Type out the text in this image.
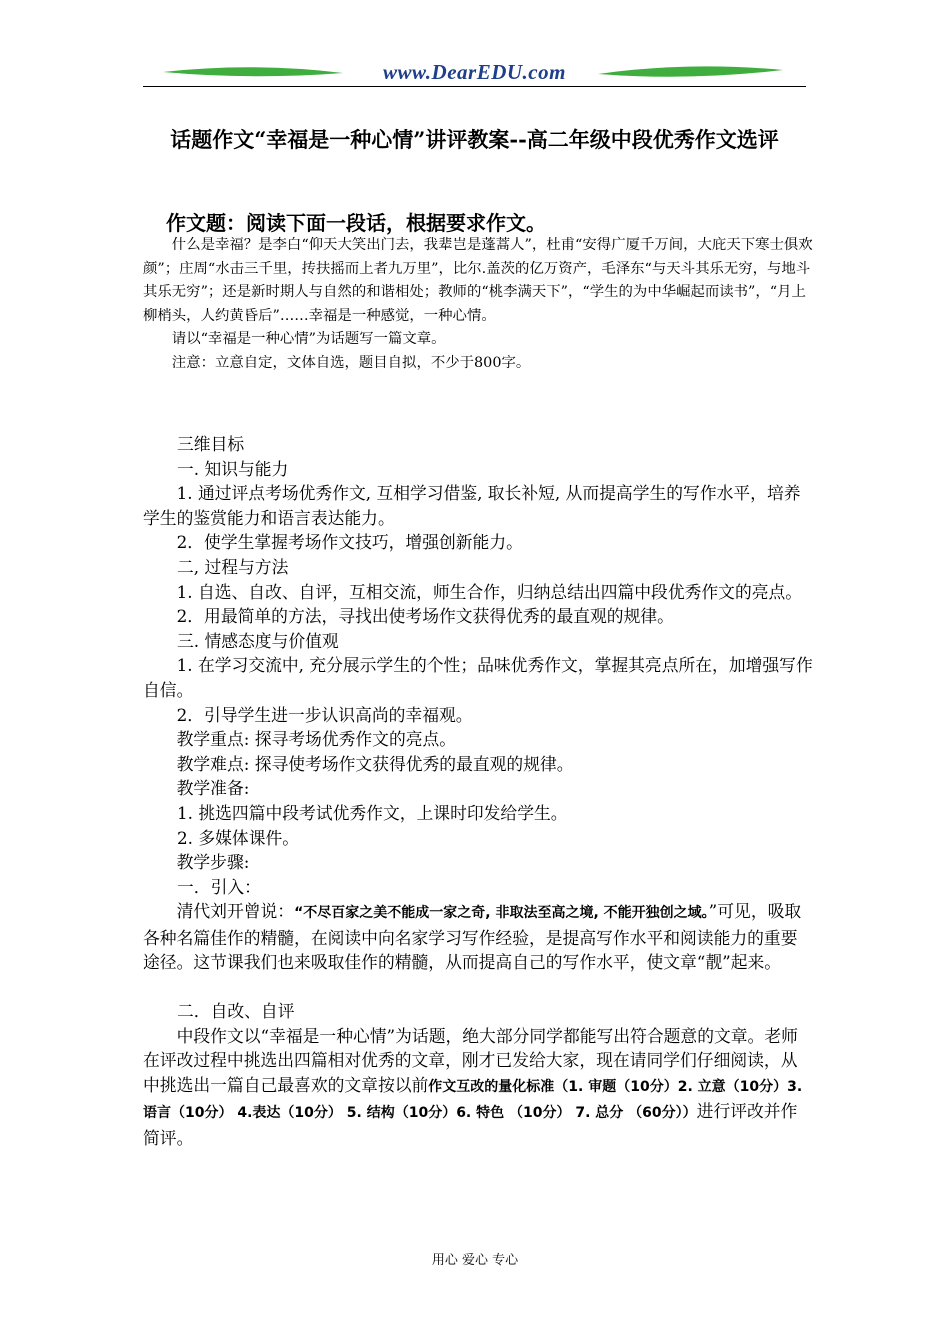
www.DearEDU.com
话题作文“幸福是一种心情”讲评教案--高二年级中段优秀作文选评
作文题：阅读下面一段话，根据要求作文。

什么是幸福？是李白“仰天大笑出门去，我辈岂是蓬蒿人”，杜甫“安得广厦千万间，大庇天下寒士俱欢颜”；庄周“水击三千里，抟扶摇而上者九万里”，比尔.盖茨的亿万资产，毛泽东“与天斗其乐无穷，与地斗其乐无穷”；还是新时期人与自然的和谐相处；教师的“桃李满天下”，“学生的为中华崛起而读书”，“月上柳梢头，人约黄昏后”……幸福是一种感觉，一种心情。

请以“幸福是一种心情”为话题写一篇文章。

注意：立意自定，文体自选，题目自拟，不少于800字。

三维目标

一. 知识与能力

1. 通过评点考场优秀作文, 互相学习借鉴, 取长补短, 从而提高学生的写作水平，培养学生的鉴赏能力和语言表达能力。

2．使学生掌握考场作文技巧，增强创新能力。

二, 过程与方法

1. 自选、自改、自评，互相交流，师生合作，归纳总结出四篇中段优秀作文的亮点。

2．用最简单的方法，寻找出使考场作文获得优秀的最直观的规律。

三. 情感态度与价值观

1. 在学习交流中, 充分展示学生的个性；品味优秀作文，掌握其亮点所在，加增强写作自信。

2．引导学生进一步认识高尚的幸福观。

教学重点: 探寻考场优秀作文的亮点。

教学难点: 探寻使考场作文获得优秀的最直观的规律。

教学准备:

1. 挑选四篇中段考试优秀作文，上课时印发给学生。

2. 多媒体课件。

教学步骤:

一．引入：

清代刘开曾说：“不尽百家之美不能成一家之奇, 非取法至高之境, 不能开独创之域。”可见，吸取各种名篇佳作的精髓，在阅读中向名家学习写作经验，是提高写作水平和阅读能力的重要途径。这节课我们也来吸取佳作的精髓，从而提高自己的写作水平，使文章“靓”起来。

二．自改、自评

中段作文以“幸福是一种心情”为话题，绝大部分同学都能写出符合题意的文章。老师在评改过程中挑选出四篇相对优秀的文章，刚才已发给大家，现在请同学们仔细阅读，从中挑选出一篇自己最喜欢的文章按以前作文互改的量化标准（1. 审题（10分）2. 立意（10分）3. 语言（10分） 4.表达（10分） 5. 结构（10分）6. 特色 （10分） 7. 总分 （60分））进行评改并作简评。

用心 爱心 专心
